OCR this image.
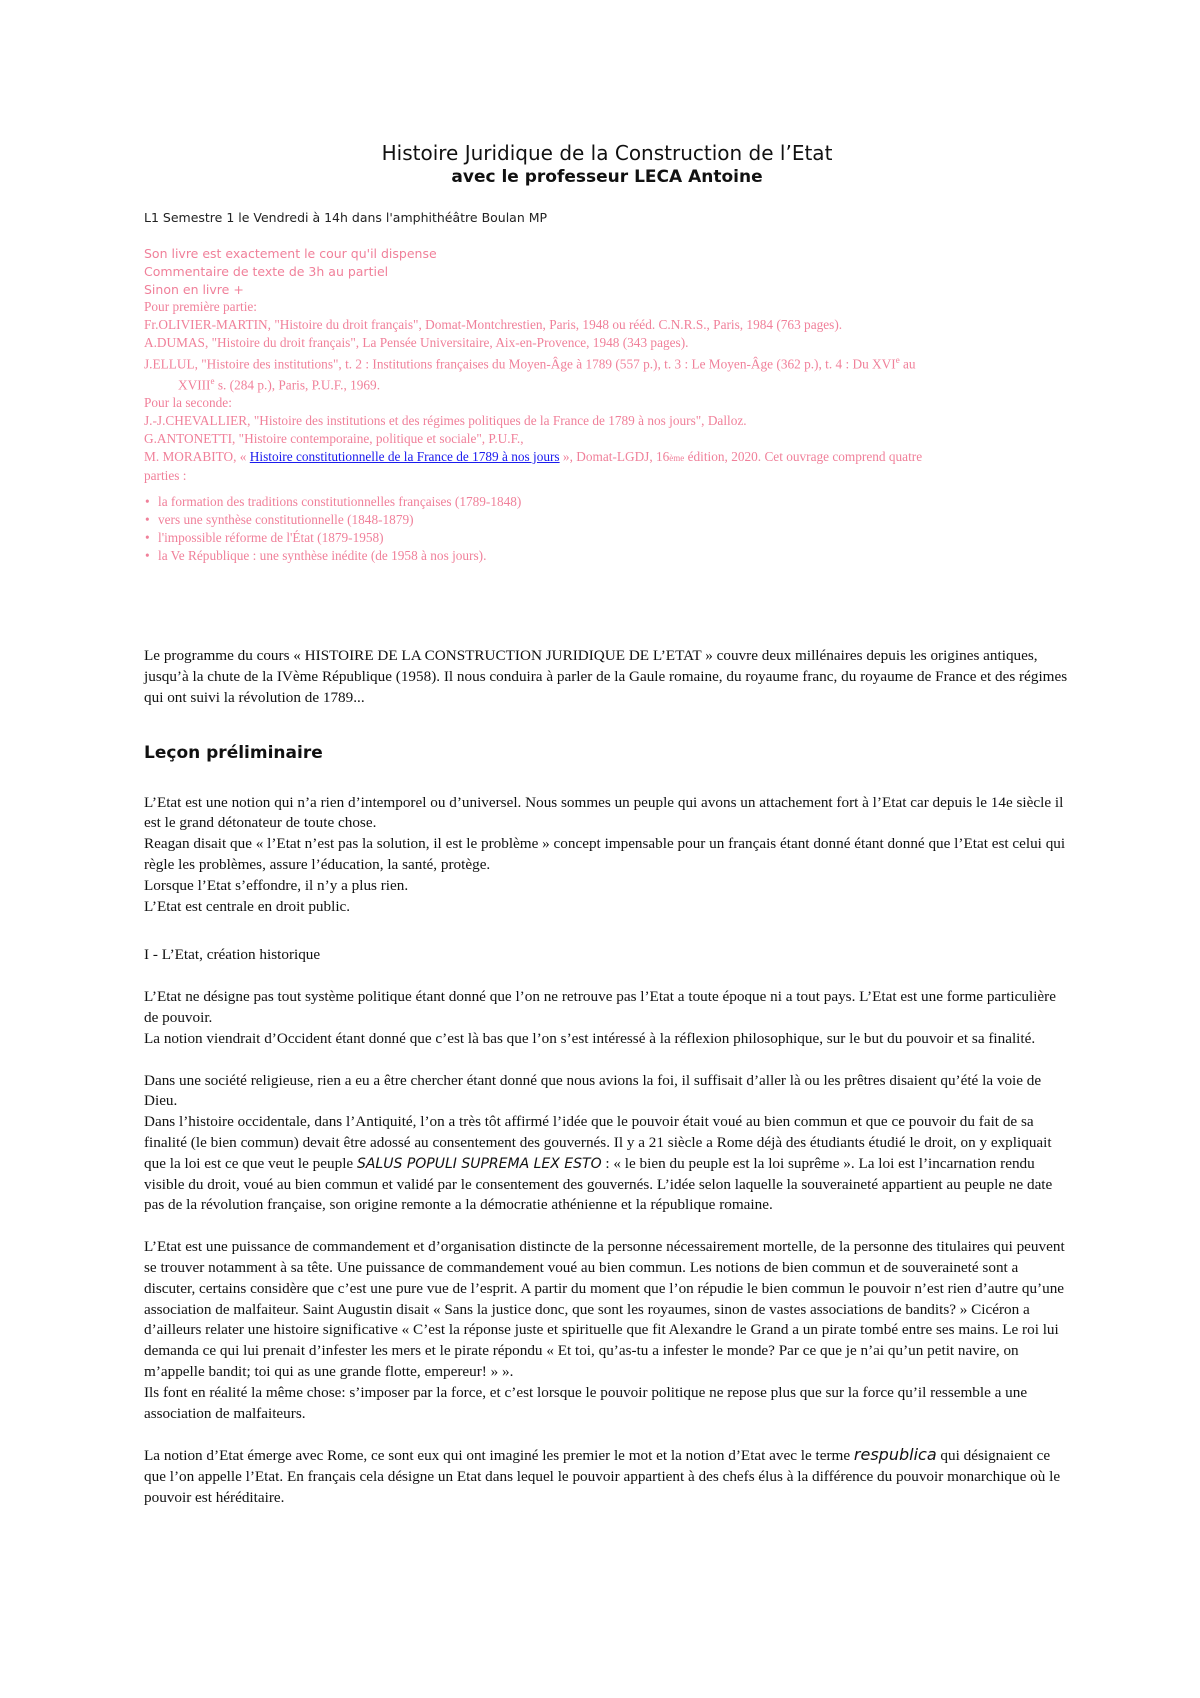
Histoire Juridique de la Construction de l’Etat
avec le professeur LECA Antoine
L1 Semestre 1 le Vendredi à 14h dans l'amphithéâtre Boulan MP
Son livre est exactement le cour qu'il dispense
Commentaire de texte de 3h au partiel
Sinon en livre +
Pour première partie:
Fr.OLIVIER-MARTIN, "Histoire du droit français", Domat-Montchrestien, Paris, 1948 ou rééd. C.N.R.S., Paris, 1984 (763 pages).
A.DUMAS, "Histoire du droit français", La Pensée Universitaire, Aix-en-Provence, 1948 (343 pages).
J.ELLUL, "Histoire des institutions", t. 2 : Institutions françaises du Moyen-Âge à 1789 (557 p.), t. 3 : Le Moyen-Âge (362 p.), t. 4 : Du XVIe au
XVIIIe s. (284 p.), Paris, P.U.F., 1969.
Pour la seconde:
J.-J.CHEVALLIER, "Histoire des institutions et des régimes politiques de la France de 1789 à nos jours", Dalloz.
G.ANTONETTI, "Histoire contemporaine, politique et sociale", P.U.F.,
M. MORABITO, « Histoire constitutionnelle de la France de 1789 à nos jours », Domat-LGDJ, 16ème édition, 2020. Cet ouvrage comprend quatre
parties :
• la formation des traditions constitutionnelles françaises (1789-1848)
• vers une synthèse constitutionnelle (1848-1879)
• l'impossible réforme de l'État (1879-1958)
• la Ve République : une synthèse inédite (de 1958 à nos jours).

Le programme du cours « HISTOIRE DE LA CONSTRUCTION JURIDIQUE DE L’ETAT » couvre deux millénaires depuis les origines antiques, jusqu’à la chute de la IVème République (1958). Il nous conduira à parler de la Gaule romaine, du royaume franc, du royaume de France et des régimes qui ont suivi la révolution de 1789...

Leçon préliminaire

L’Etat est une notion qui n’a rien d’intemporel ou d’universel. Nous sommes un peuple qui avons un attachement fort à l’Etat car depuis le 14e siècle il est le grand détonateur de toute chose.

Reagan disait que « l’Etat n’est pas la solution, il est le problème » concept impensable pour un français étant donné étant donné que l’Etat est celui qui règle les problèmes, assure l’éducation, la santé, protège.

Lorsque l’Etat s’effondre, il n’y a plus rien.

L’Etat est centrale en droit public.

I - L’Etat, création historique

L’Etat ne désigne pas tout système politique étant donné que l’on ne retrouve pas l’Etat a toute époque ni a tout pays. L’Etat est une forme particulière de pouvoir.

La notion viendrait d’Occident étant donné que c’est là bas que l’on s’est intéressé à la réflexion philosophique, sur le but du pouvoir et sa finalité.

Dans une société religieuse, rien a eu a être chercher étant donné que nous avions la foi, il suffisait d’aller là ou les prêtres disaient qu’été la voie de Dieu.

Dans l’histoire occidentale, dans l’Antiquité, l’on a très tôt affirmé l’idée que le pouvoir était voué au bien commun et que ce pouvoir du fait de sa finalité (le bien commun) devait être adossé au consentement des gouvernés. Il y a 21 siècle a Rome déjà des étudiants étudié le droit, on y expliquait que la loi est ce que veut le peuple SALUS POPULI SUPREMA LEX ESTO : « le bien du peuple est la loi suprême ». La loi est l’incarnation rendu visible du droit, voué au bien commun et validé par le consentement des gouvernés. L’idée selon laquelle la souveraineté appartient au peuple ne date pas de la révolution française, son origine remonte a la démocratie athénienne et la république romaine.

L’Etat est une puissance de commandement et d’organisation distincte de la personne nécessairement mortelle, de la personne des titulaires qui peuvent se trouver notamment à sa tête. Une puissance de commandement voué au bien commun. Les notions de bien commun et de souveraineté sont a discuter, certains considère que c’est une pure vue de l’esprit. A partir du moment que l’on répudie le bien commun le pouvoir n’est rien d’autre qu’une association de malfaiteur. Saint Augustin disait « Sans la justice donc, que sont les royaumes, sinon de vastes associations de bandits? » Cicéron a d’ailleurs relater une histoire significative « C’est la réponse juste et spirituelle que fit Alexandre le Grand a un pirate tombé entre ses mains. Le roi lui demanda ce qui lui prenait d’infester les mers et le pirate répondu « Et toi, qu’as-tu a infester le monde? Par ce que je n’ai qu’un petit navire, on m’appelle bandit; toi qui as une grande flotte, empereur! » ».

Ils font en réalité la même chose: s’imposer par la force, et c’est lorsque le pouvoir politique ne repose plus que sur la force qu’il ressemble a une association de malfaiteurs.

La notion d’Etat émerge avec Rome, ce sont eux qui ont imaginé les premier le mot et la notion d’Etat avec le terme respublica qui désignaient ce que l’on appelle l’Etat. En français cela désigne un Etat dans lequel le pouvoir appartient à des chefs élus à la différence du pouvoir monarchique où le pouvoir est héréditaire.
